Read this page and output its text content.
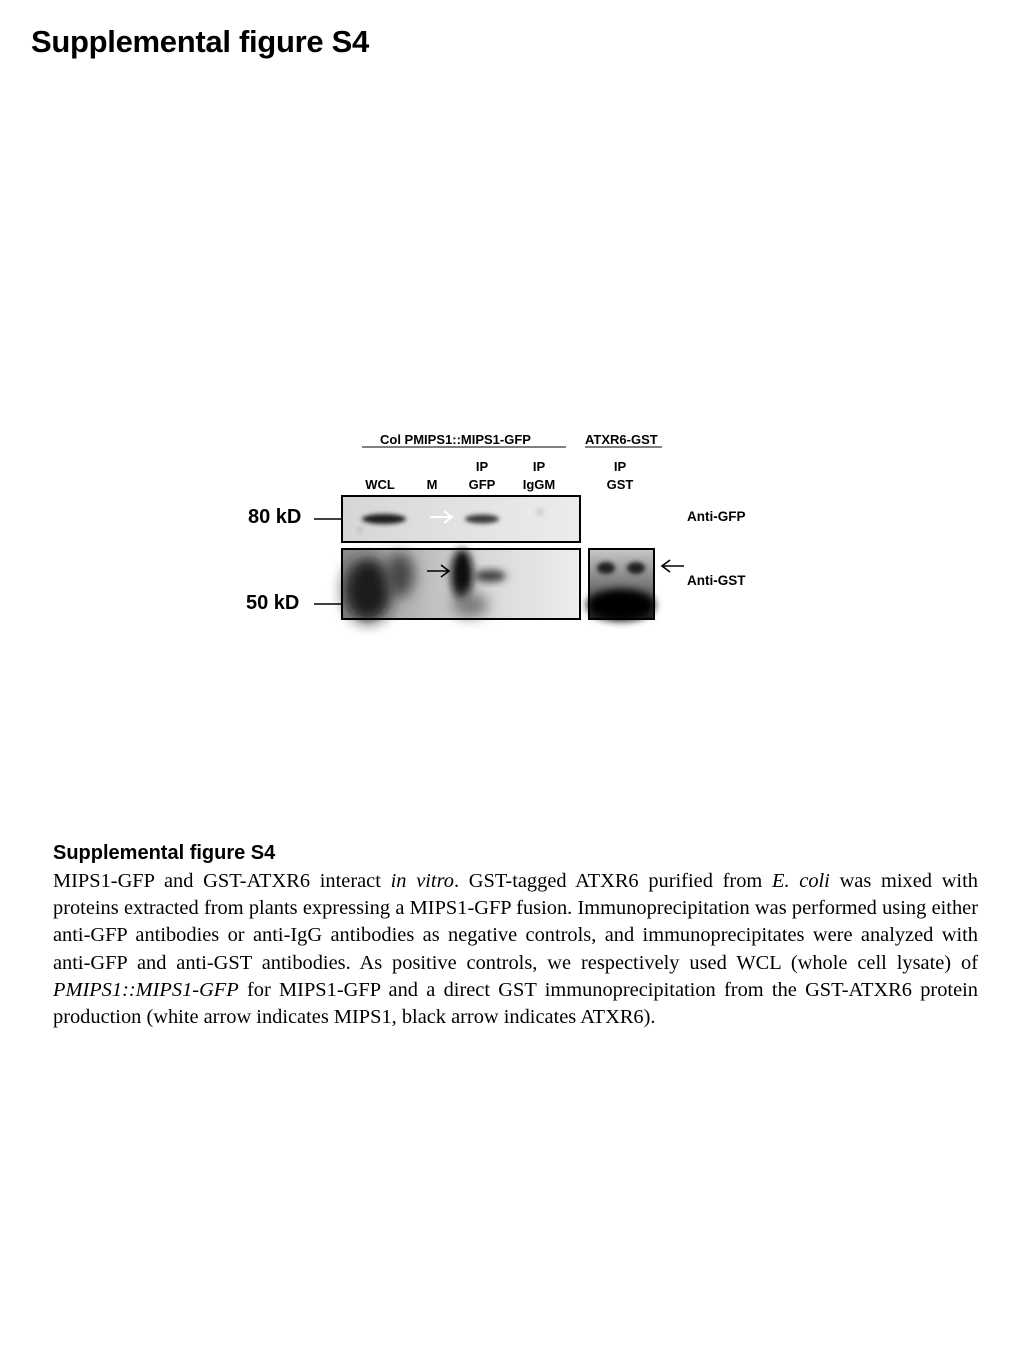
Supplemental figure S4
Col PMIPS1::MIPS1-GFP	ATXR6-GST
WCL	M
IP
GFP
IP
IgGM
IP
GST
80 kD
50 kD
Anti-GFP
Anti-GST
Supplemental figure S4

MIPS1-GFP and GST-ATXR6 interact in vitro. GST-tagged ATXR6 purified from E. coli was mixed with proteins extracted from plants expressing a MIPS1-GFP fusion. Immunoprecipitation was performed using either anti-GFP antibodies or anti-IgG antibodies as negative controls, and immunoprecipitates were analyzed with anti-GFP and anti-GST antibodies. As positive controls, we respectively used WCL (whole cell lysate) of PMIPS1::MIPS1-GFP for MIPS1-GFP and a direct GST immunoprecipitation from the GST-ATXR6 protein production (white arrow indicates MIPS1, black arrow indicates ATXR6).
